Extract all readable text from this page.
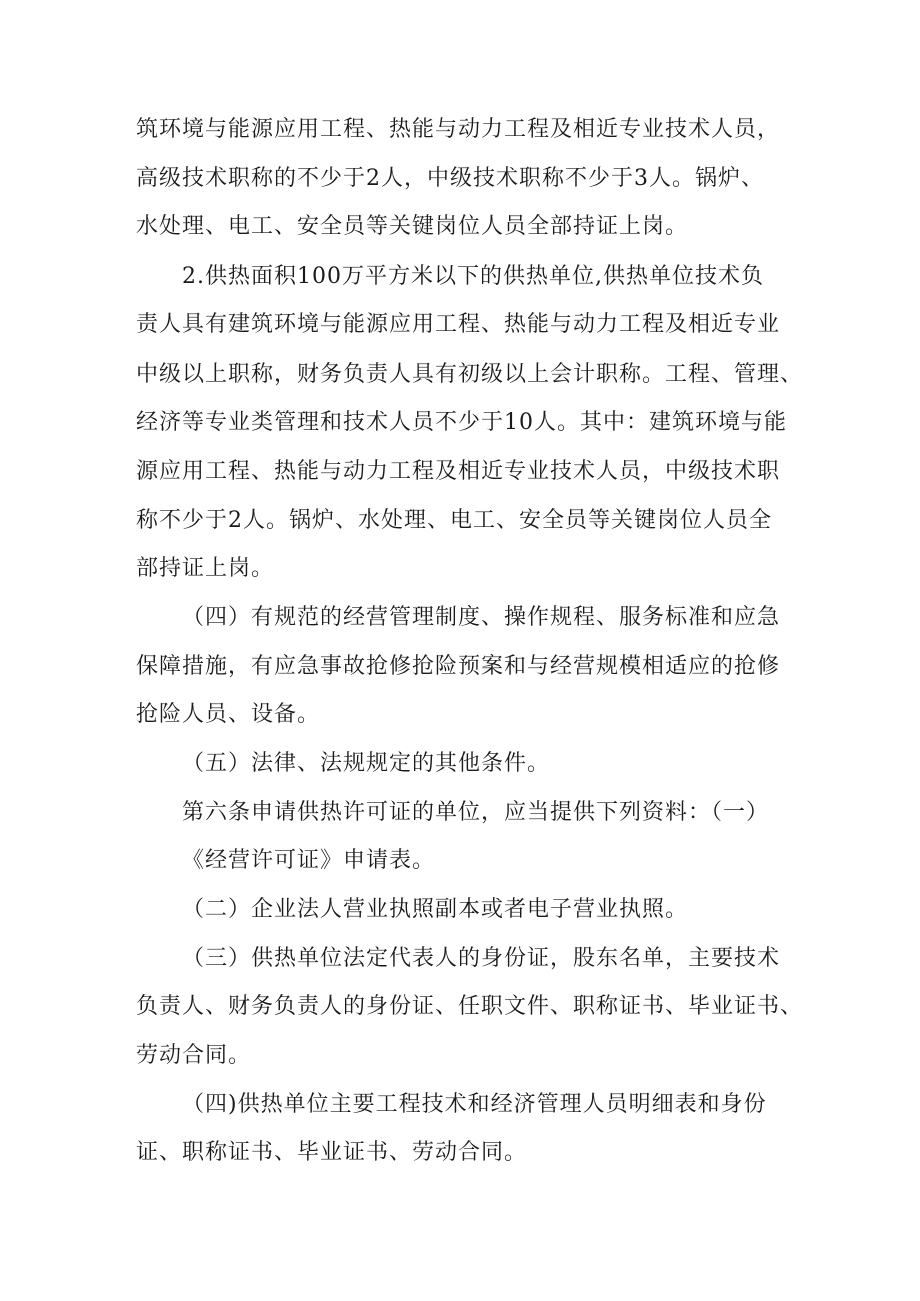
筑环境与能源应用工程、热能与动力工程及相近专业技术人员，
高级技术职称的不少于2人，中级技术职称不少于3人。锅炉、
水处理、电工、安全员等关键岗位人员全部持证上岗。
2.供热面积100万平方米以下的供热单位,供热单位技术负
责人具有建筑环境与能源应用工程、热能与动力工程及相近专业
中级以上职称，财务负责人具有初级以上会计职称。工程、管理、
经济等专业类管理和技术人员不少于10人。其中：建筑环境与能
源应用工程、热能与动力工程及相近专业技术人员，中级技术职
称不少于2人。锅炉、水处理、电工、安全员等关键岗位人员全
部持证上岗。
（四）有规范的经营管理制度、操作规程、服务标准和应急
保障措施，有应急事故抢修抢险预案和与经营规模相适应的抢修
抢险人员、设备。
（五）法律、法规规定的其他条件。
第六条申请供热许可证的单位，应当提供下列资料：（一）
《经营许可证》申请表。
（二）企业法人营业执照副本或者电子营业执照。
（三）供热单位法定代表人的身份证，股东名单，主要技术
负责人、财务负责人的身份证、任职文件、职称证书、毕业证书、
劳动合同。
（四)供热单位主要工程技术和经济管理人员明细表和身份
证、职称证书、毕业证书、劳动合同。
